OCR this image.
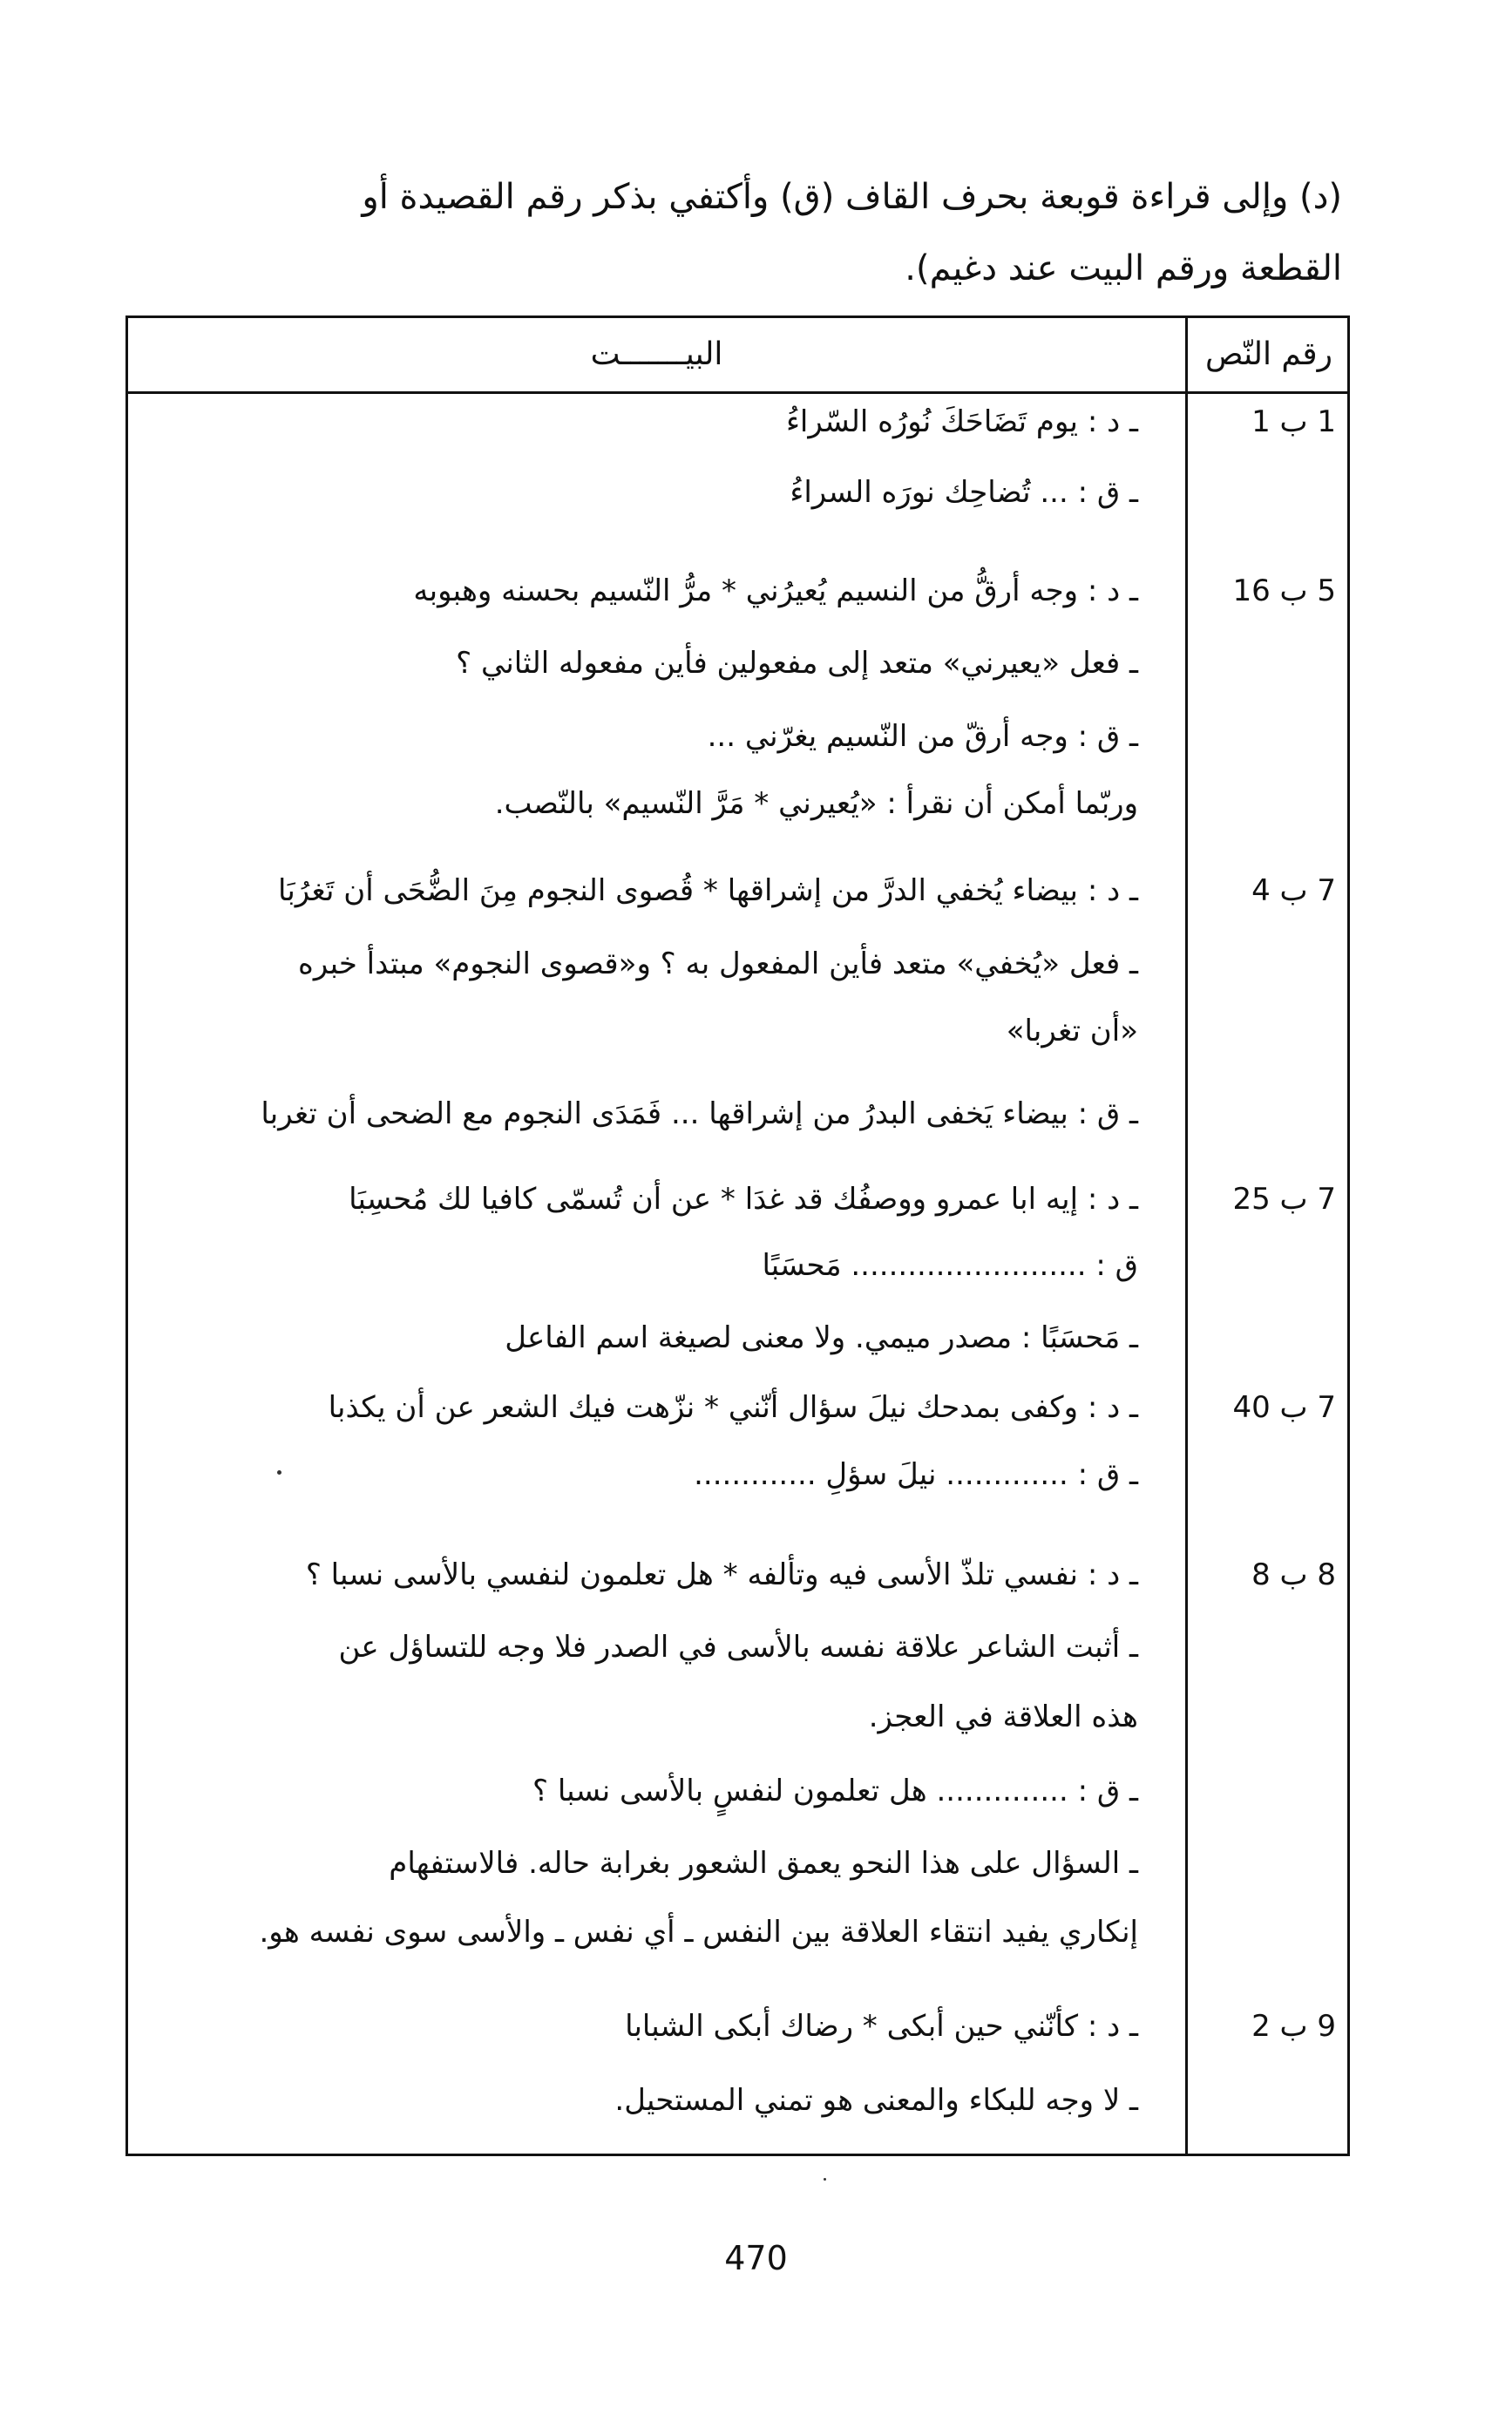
(د) وإلى قراءة قوبعة بحرف القاف (ق) وأكتفي بذكر رقم القصيدة أو
القطعة ورقم البيت عند دغيم).
رقم النّص
البيـــــــت
1 ب 1
ـ د : يوم تَضَاحَكَ نُورُه السّراءُ
ـ ق : ... تُضاحِك نورَه السراءُ
5 ب 16
ـ د : وجه أرقُّ من النسيم يُعيرُني * مرُّ النّسيم بحسنه وهبوبه
ـ فعل «يعيرني» متعد إلى مفعولين فأين مفعوله الثاني ؟
ـ ق : وجه أرقّ من النّسيم يغرّني ...
وربّما أمكن أن نقرأ : «يُعيرني * مَرَّ النّسيم» بالنّصب.
7 ب 4
ـ د : بيضاء يُخفي الدرَّ من إشراقها * قُصوى النجوم مِنَ الضُّحَى أن تَغرُبَا
ـ فعل «يُخفي» متعد فأين المفعول به ؟ و«قصوى النجوم» مبتدأ خبره
«أن تغربا»
ـ ق : بيضاء يَخفى البدرُ من إشراقها ... فَمَدَى النجوم مع الضحى أن تغربا
7 ب 25
ـ د : إيه ابا عمرو ووصفُك قد غدَا * عن أن تُسمّى كافيا لك مُحسِبَا
ق : ......................... مَحسَبًا
ـ مَحسَبًا : مصدر ميمي. ولا معنى لصيغة اسم الفاعل
7 ب 40
ـ د : وكفى بمدحك نيلَ سؤال أنّني * نزّهت فيك الشعر عن أن يكذبا
ـ ق : ............. نيلَ سؤلِ .............
8 ب 8
ـ د : نفسي تلذّ الأسى فيه وتألفه * هل تعلمون لنفسي بالأسى نسبا ؟
ـ أثبت الشاعر علاقة نفسه بالأسى في الصدر فلا وجه للتساؤل عن
هذه العلاقة في العجز.
ـ ق : .............. هل تعلمون لنفسٍ بالأسى نسبا ؟
ـ السؤال على هذا النحو يعمق الشعور بغرابة حاله. فالاستفهام
إنكاري يفيد انتقاء العلاقة بين النفس ـ أي نفس ـ والأسى سوى نفسه هو.
9 ب 2
ـ د : كأنّني حين أبكى * رضاك أبكى الشبابا
ـ لا وجه للبكاء والمعنى هو تمني المستحيل.
470
